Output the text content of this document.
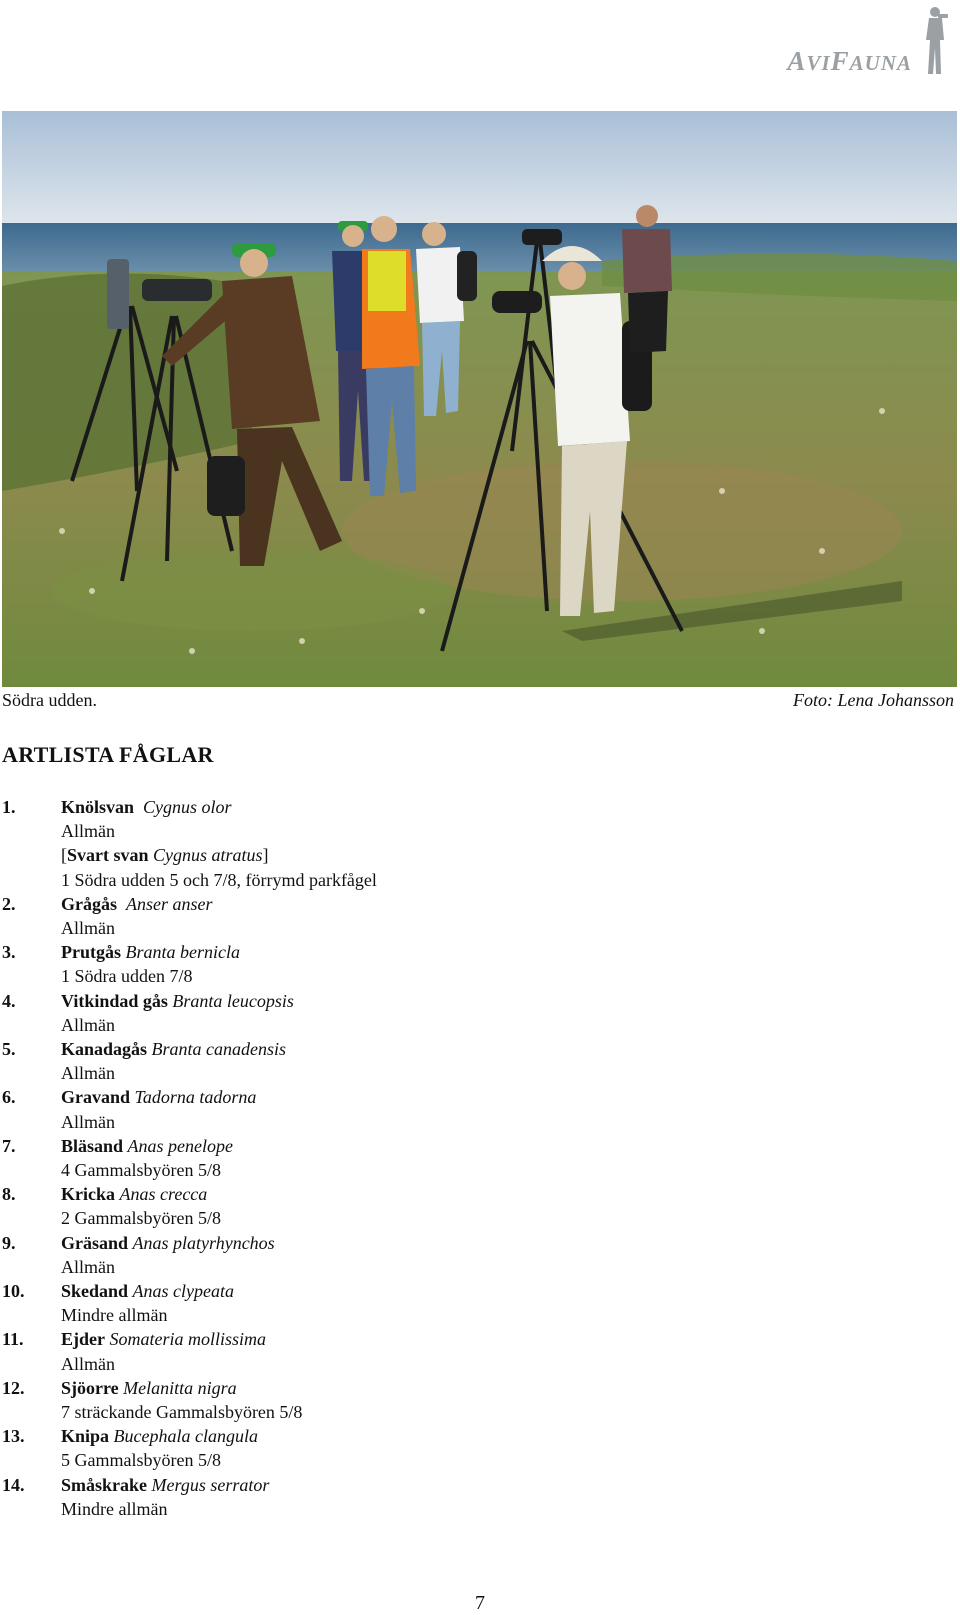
AVIFAUNA
Södra udden.	Foto: Lena Johansson
ARTLISTA FÅGLAR
1.	Knölsvan Cygnus olor
Allmän
[Svart svan Cygnus atratus]
1 Södra udden 5 och 7/8, förrymd parkfågel
2.	Grågås Anser anser
Allmän
3.	Prutgås Branta bernicla
1 Södra udden 7/8
4.	Vitkindad gås Branta leucopsis
Allmän
5.	Kanadagås Branta canadensis
Allmän
6.	Gravand Tadorna tadorna
Allmän
7.	Bläsand Anas penelope
4 Gammalsbyören 5/8
8.	Kricka Anas crecca
2 Gammalsbyören 5/8
9.	Gräsand Anas platyrhynchos
Allmän
10. Skedand Anas clypeata
Mindre allmän
11. Ejder Somateria mollissima
Allmän
12. Sjöorre Melanitta nigra
7 sträckande Gammalsbyören 5/8
13. Knipa Bucephala clangula
5 Gammalsbyören 5/8
14. Småskrake Mergus serrator
Mindre allmän
7
